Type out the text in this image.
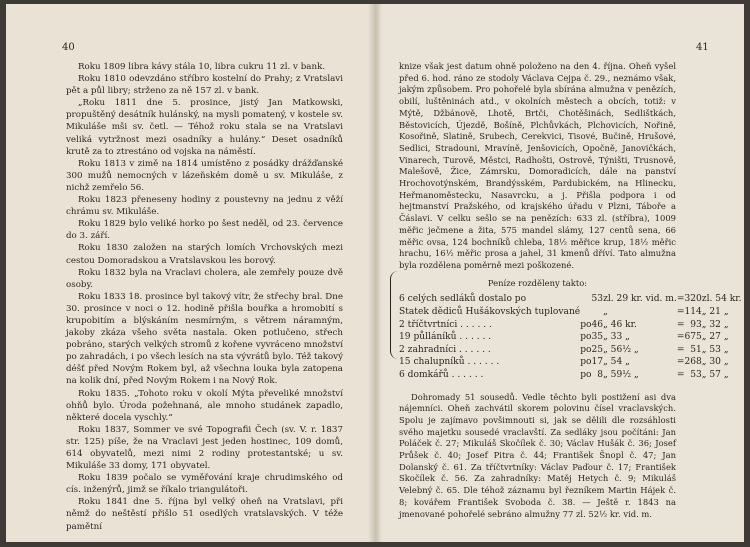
40

Roku 1809 libra kávy stála 10, libra cukru 11 zl. v bank.

Roku 1810 odevzdáno stříbro kostelní do Prahy; z Vratslavi pět a půl libry; strženo za ně 157 zl. v bank.

„Roku 1811 dne 5. prosince, jistý Jan Matkowski, propuštěný desátník hulánský, na mysli pomatený, v kostele sv. Mikuláše mši sv. četl. — Téhož roku stala se na Vratslavi veliká vytržnost mezi osadníky a hulány.“ Deset osadníků krutě za to ztrestáno od vojska na náměstí.

Roku 1813 v zimě na 1814 umístěno z posádky drážďanské 300 mužů nemocných v lázeňském domě u sv. Mikuláše, z nichž zemřelo 56.

Roku 1823 přeneseny hodiny z poustevny na jednu z věží chrámu sv. Mikuláše.

Roku 1829 bylo veliké horko po šest neděl, od 23. července do 3. září.

Roku 1830 založen na starých lomích Vrchovských mezi cestou Domoradskou a Vratslavskou les borový.

Roku 1832 byla na Vraclavi cholera, ale zemřely pouze dvě osoby.

Roku 1833 18. prosince byl takový vítr, že střechy bral. Dne 30. prosince v noci o 12. hodině přišla bouřka a hromobití s krupobitím a blýskáním nesmírným, s větrem náramným, jakoby zkáza všeho světa nastala. Oken potlučeno, střech pobráno, starých velkých stromů z kořene vyvráceno množství po zahradách, i po všech lesích na sta vývrátů bylo. Též takový déšť před Novým Rokem byl, až všechna louka byla zatopena na kolik dní, před Novým Rokem i na Nový Rok.

Roku 1835. „Tohoto roku v okolí Mýta převeliké množství ohňů bylo. Úroda požehnaná, ale mnoho studánek zapadlo, některé docela vyschly.“

Roku 1837, Sommer ve své Topografii Čech (sv. V. r. 1837 str. 125) píše, že na Vraclavi jest jeden hostinec, 109 domů, 614 obyvatelů, mezi nimi 2 rodiny protestantské; u sv. Mikuláše 33 domy, 171 obyvatel.

Roku 1839 počalo se vyměřování kraje chrudimského od cís. inženýrů, jimž se říkalo triangulátoři.

Roku 1841 dne 5. října byl velký oheň na Vratslavi, při němž do neštěstí přišlo 51 osedlých vratslavských. V téže pamětní

41

knize však jest datum ohně položeno na den 4. října. Oheň vyšel před 6. hod. ráno ze stodoly Václava Cejpa č. 29., neznámo však, jakým způsobem. Pro pohořelé byla sbírána almužna v penězích, obilí, luštěninách atd., v okolních městech a obcích, totiž: v Mýtě, Džbánově, Lhotě, Brtči, Chotěšinách, Sedlištkách, Běstovicích, Újezdě, Bošíně, Plchůvkách, Plchovicích, Nořině, Kosořině, Slatině, Srubech, Cerekvici, Tisové, Bučině, Hrušové, Sedlici, Stradouni, Mravíně, Jenšovicích, Opočně, Janovičkách, Vinarech, Turově, Městci, Radhošti, Ostrově, Týništi, Trusnově, Malešově, Žice, Zámrsku, Domoradicích, dále na panství Hrochovotýnském, Brandýsském, Pardubickém, na Hlinecku, Heřmanoměstecku, Nasavrcku, a j. Přišla podpora i od hejtmanství Pražského, od krajského úřadu v Plzni, Táboře a Čáslavi. V celku sešlo se na penězích: 633 zl. (stříbra), 1009 měřic ječmene a žita, 575 mandel slámy, 127 centů sena, 66 měřic ovsa, 124 bochníků chleba, 18½ měřice krup, 18½ měřic hrachu, 16½ měřic prosa a jahel, 31 kmenů dříví. Tato almužna byla rozdělena poměrně mezi poškozené.

Peníze rozděleny takto:

6 celých sedláků dostalo po		53	zl. 29 kr. vid. m.	=	320	zl. 54 kr.
Statek dědiců Hušákovských tuplované			„	=	114	„ 21 „
2 tříčtvrtníci . . . . . .	po	46	„ 46 kr.	=	93	„ 32 „
19 půlláníků . . . . . .	po	35	„ 33 „	=	675	„ 27 „
2 zahradníci . . . . . .	po	25	„ 56½ „	=	51	„ 53 „
15 chalupníků . . . . . .	po	17	„ 54 „	=	268	„ 30 „
6 domkářů . . . . . .	po	8	„ 59½ „	=	53	„ 57 „

Dohromady 51 sousedů. Vedle těchto byli postižení asi dva nájemníci. Oheň zachvátil skorem polovinu čísel vraclavských. Spolu je zajímavo povšimnouti si, jak se dělili dle rozsáhlosti svého majetku sousedé vraclavští. Za sedláky jsou počítáni: Jan Poláček č. 27; Mikuláš Skočílek č. 30; Václav Hušák č. 36; Josef Průšek č. 40; Josef Pitra č. 44; František Šnopl č. 47; Jan Dolanský č. 61. Za tříčtvrtníky: Václav Paďour č. 17; František Skočílek č. 56. Za zahradníky: Matěj Hetych č. 9; Mikuláš Velebný č. 65. Dle téhož záznamu byl řezníkem Martin Hájek č. 8; kovářem František Svoboda č. 38. — Ještě r. 1843 na jmenované pohořelé sebráno almužny 77 zl. 52½ kr. vid. m.
